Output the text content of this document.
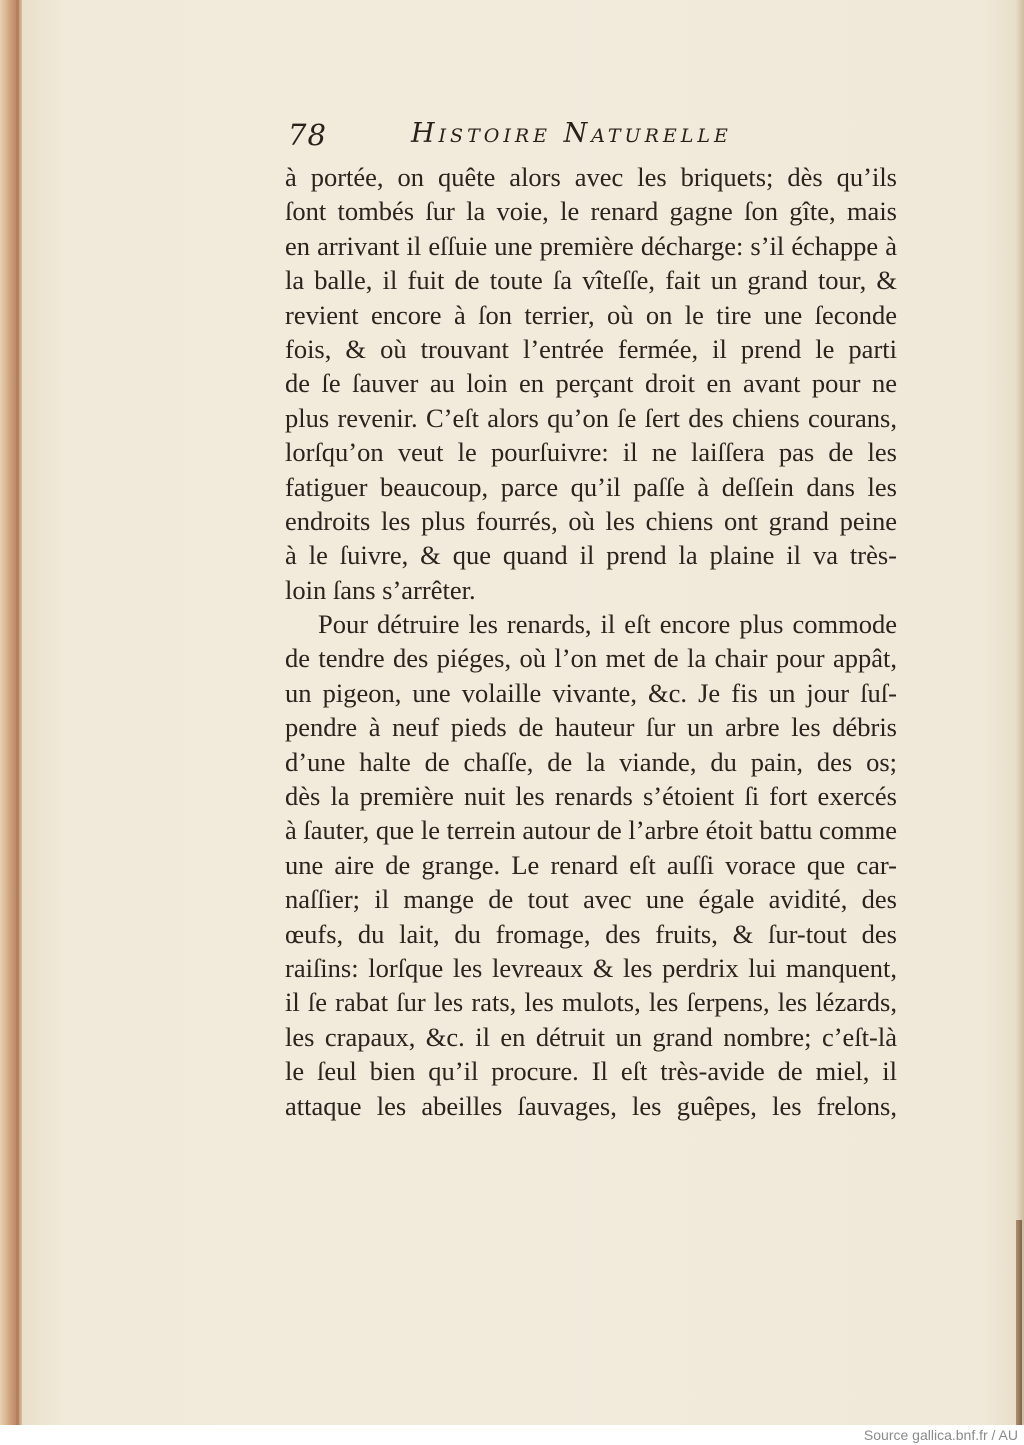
78	Histoire Naturelle
à portée, on quête alors avec les briquets; dès qu’ils
ſont tombés ſur la voie, le renard gagne ſon gîte, mais
en arrivant il eſſuie une première décharge: s’il échappe à
la balle, il fuit de toute ſa vîteſſe, fait un grand tour, &
revient encore à ſon terrier, où on le tire une ſeconde
fois, & où trouvant l’entrée fermée, il prend le parti
de ſe ſauver au loin en perçant droit en avant pour ne
plus revenir. C’eſt alors qu’on ſe ſert des chiens courans,
lorſqu’on veut le pourſuivre: il ne laiſſera pas de les
fatiguer beaucoup, parce qu’il paſſe à deſſein dans les
endroits les plus fourrés, où les chiens ont grand peine
à le ſuivre, & que quand il prend la plaine il va très-
loin ſans s’arrêter.
Pour détruire les renards, il eſt encore plus commode
de tendre des piéges, où l’on met de la chair pour appât,
un pigeon, une volaille vivante, &c. Je fis un jour ſuſ-
pendre à neuf pieds de hauteur ſur un arbre les débris
d’une halte de chaſſe, de la viande, du pain, des os;
dès la première nuit les renards s’étoient ſi fort exercés
à ſauter, que le terrein autour de l’arbre étoit battu comme
une aire de grange. Le renard eſt auſſi vorace que car-
naſſier; il mange de tout avec une égale avidité, des
œufs, du lait, du fromage, des fruits, & ſur-tout des
raiſins: lorſque les levreaux & les perdrix lui manquent,
il ſe rabat ſur les rats, les mulots, les ſerpens, les lézards,
les crapaux, &c. il en détruit un grand nombre; c’eſt-là
le ſeul bien qu’il procure. Il eſt très-avide de miel, il
attaque les abeilles ſauvages, les guêpes, les frelons,
Source gallica.bnf.fr / AU
